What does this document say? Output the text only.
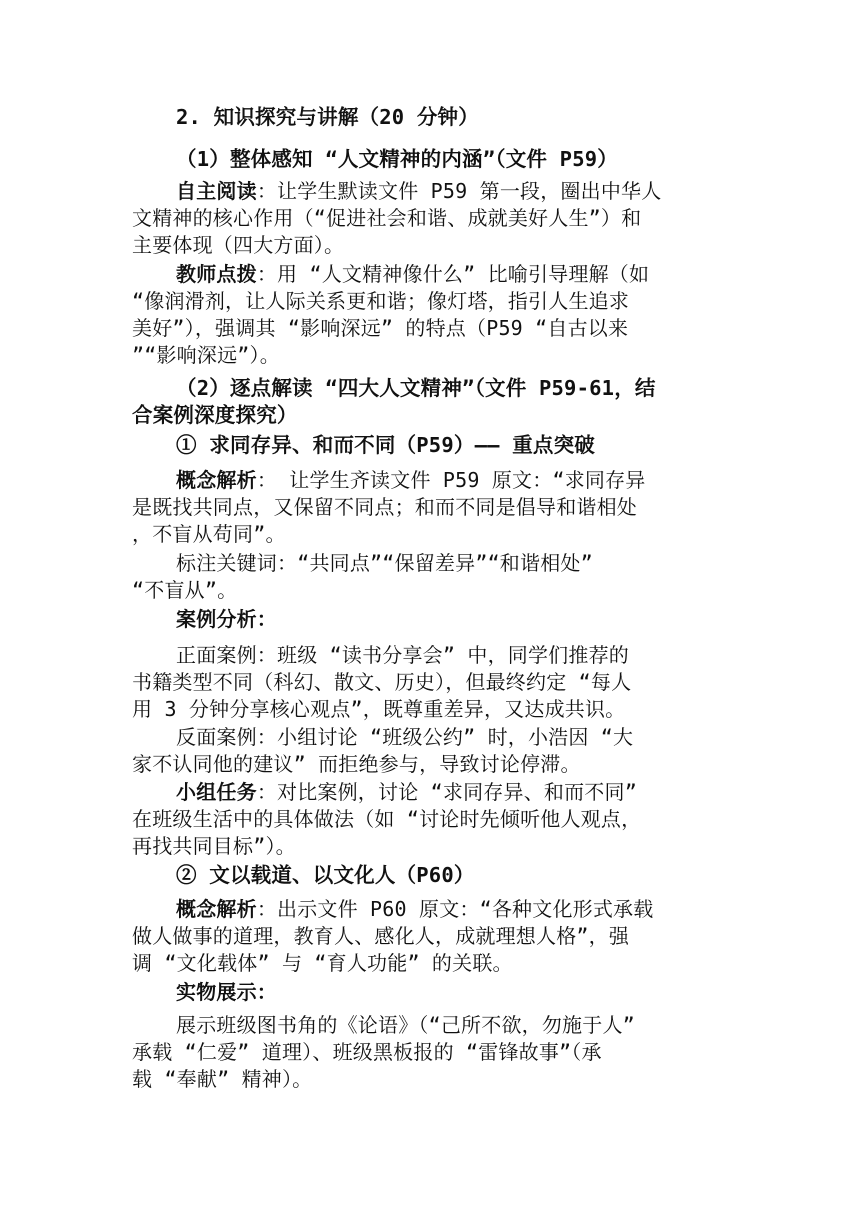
2. 知识探究与讲解（20 分钟）
（1）整体感知 “人文精神的内涵”（文件 P59）
自主阅读：让学生默读文件 P59 第一段，圈出中华人
文精神的核心作用（“促进社会和谐、成就美好人生”）和
主要体现（四大方面）。
教师点拨：用 “人文精神像什么” 比喻引导理解（如
“像润滑剂，让人际关系更和谐；像灯塔，指引人生追求
美好”），强调其 “影响深远” 的特点（P59 “自古以来
”“影响深远”）。
（2）逐点解读 “四大人文精神”（文件 P59-61，结
合案例深度探究）
① 求同存异、和而不同（P59）—— 重点突破
概念解析： 让学生齐读文件 P59 原文：“求同存异
是既找共同点，又保留不同点；和而不同是倡导和谐相处
，不盲从苟同”。
标注关键词：“共同点”“保留差异”“和谐相处”
“不盲从”。
案例分析：
正面案例：班级 “读书分享会” 中，同学们推荐的
书籍类型不同（科幻、散文、历史），但最终约定 “每人
用 3 分钟分享核心观点”，既尊重差异，又达成共识。
反面案例：小组讨论 “班级公约” 时，小浩因 “大
家不认同他的建议” 而拒绝参与，导致讨论停滞。
小组任务：对比案例，讨论 “求同存异、和而不同”
在班级生活中的具体做法（如 “讨论时先倾听他人观点，
再找共同目标”）。
② 文以载道、以文化人（P60）
概念解析：出示文件 P60 原文：“各种文化形式承载
做人做事的道理，教育人、感化人，成就理想人格”，强
调 “文化载体” 与 “育人功能” 的关联。
实物展示：
展示班级图书角的《论语》（“己所不欲，勿施于人”
承载 “仁爱” 道理）、班级黑板报的 “雷锋故事”（承
载 “奉献” 精神）。
